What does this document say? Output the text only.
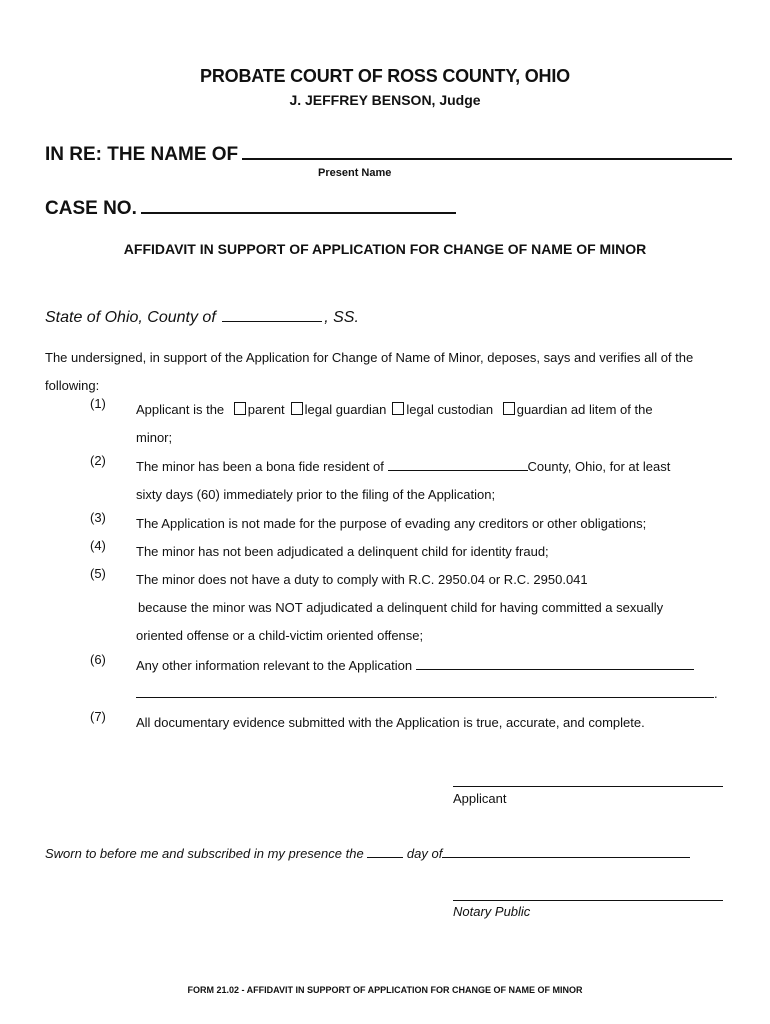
PROBATE COURT OF ROSS COUNTY, OHIO
J. JEFFREY BENSON, Judge
IN RE: THE NAME OF
Present Name
CASE NO.
AFFIDAVIT IN SUPPORT OF APPLICATION FOR CHANGE OF NAME OF MINOR
State of Ohio, County of	, SS.
The undersigned, in support of the Application for Change of Name of Minor, deposes, says and verifies all of the following:
(1)	Applicant is the parent legal guardian legal custodian guardian ad litem of the
minor;
(2)	The minor has been a bona fide resident of	County, Ohio, for at least
sixty days (60) immediately prior to the filing of the Application;
(3)	The Application is not made for the purpose of evading any creditors or other obligations;
(4)	The minor has not been adjudicated a delinquent child for identity fraud;
(5)	The minor does not have a duty to comply with R.C. 2950.04 or R.C. 2950.041
because the minor was NOT adjudicated a delinquent child for having committed a sexually
oriented offense or a child-victim oriented offense;
(6)	Any other information relevant to the Application
.
(7)	All documentary evidence submitted with the Application is true, accurate, and complete.
Applicant
Sworn to before me and subscribed in my presence the	day of
Notary Public
FORM 21.02 - AFFIDAVIT IN SUPPORT OF APPLICATION FOR CHANGE OF NAME OF MINOR
